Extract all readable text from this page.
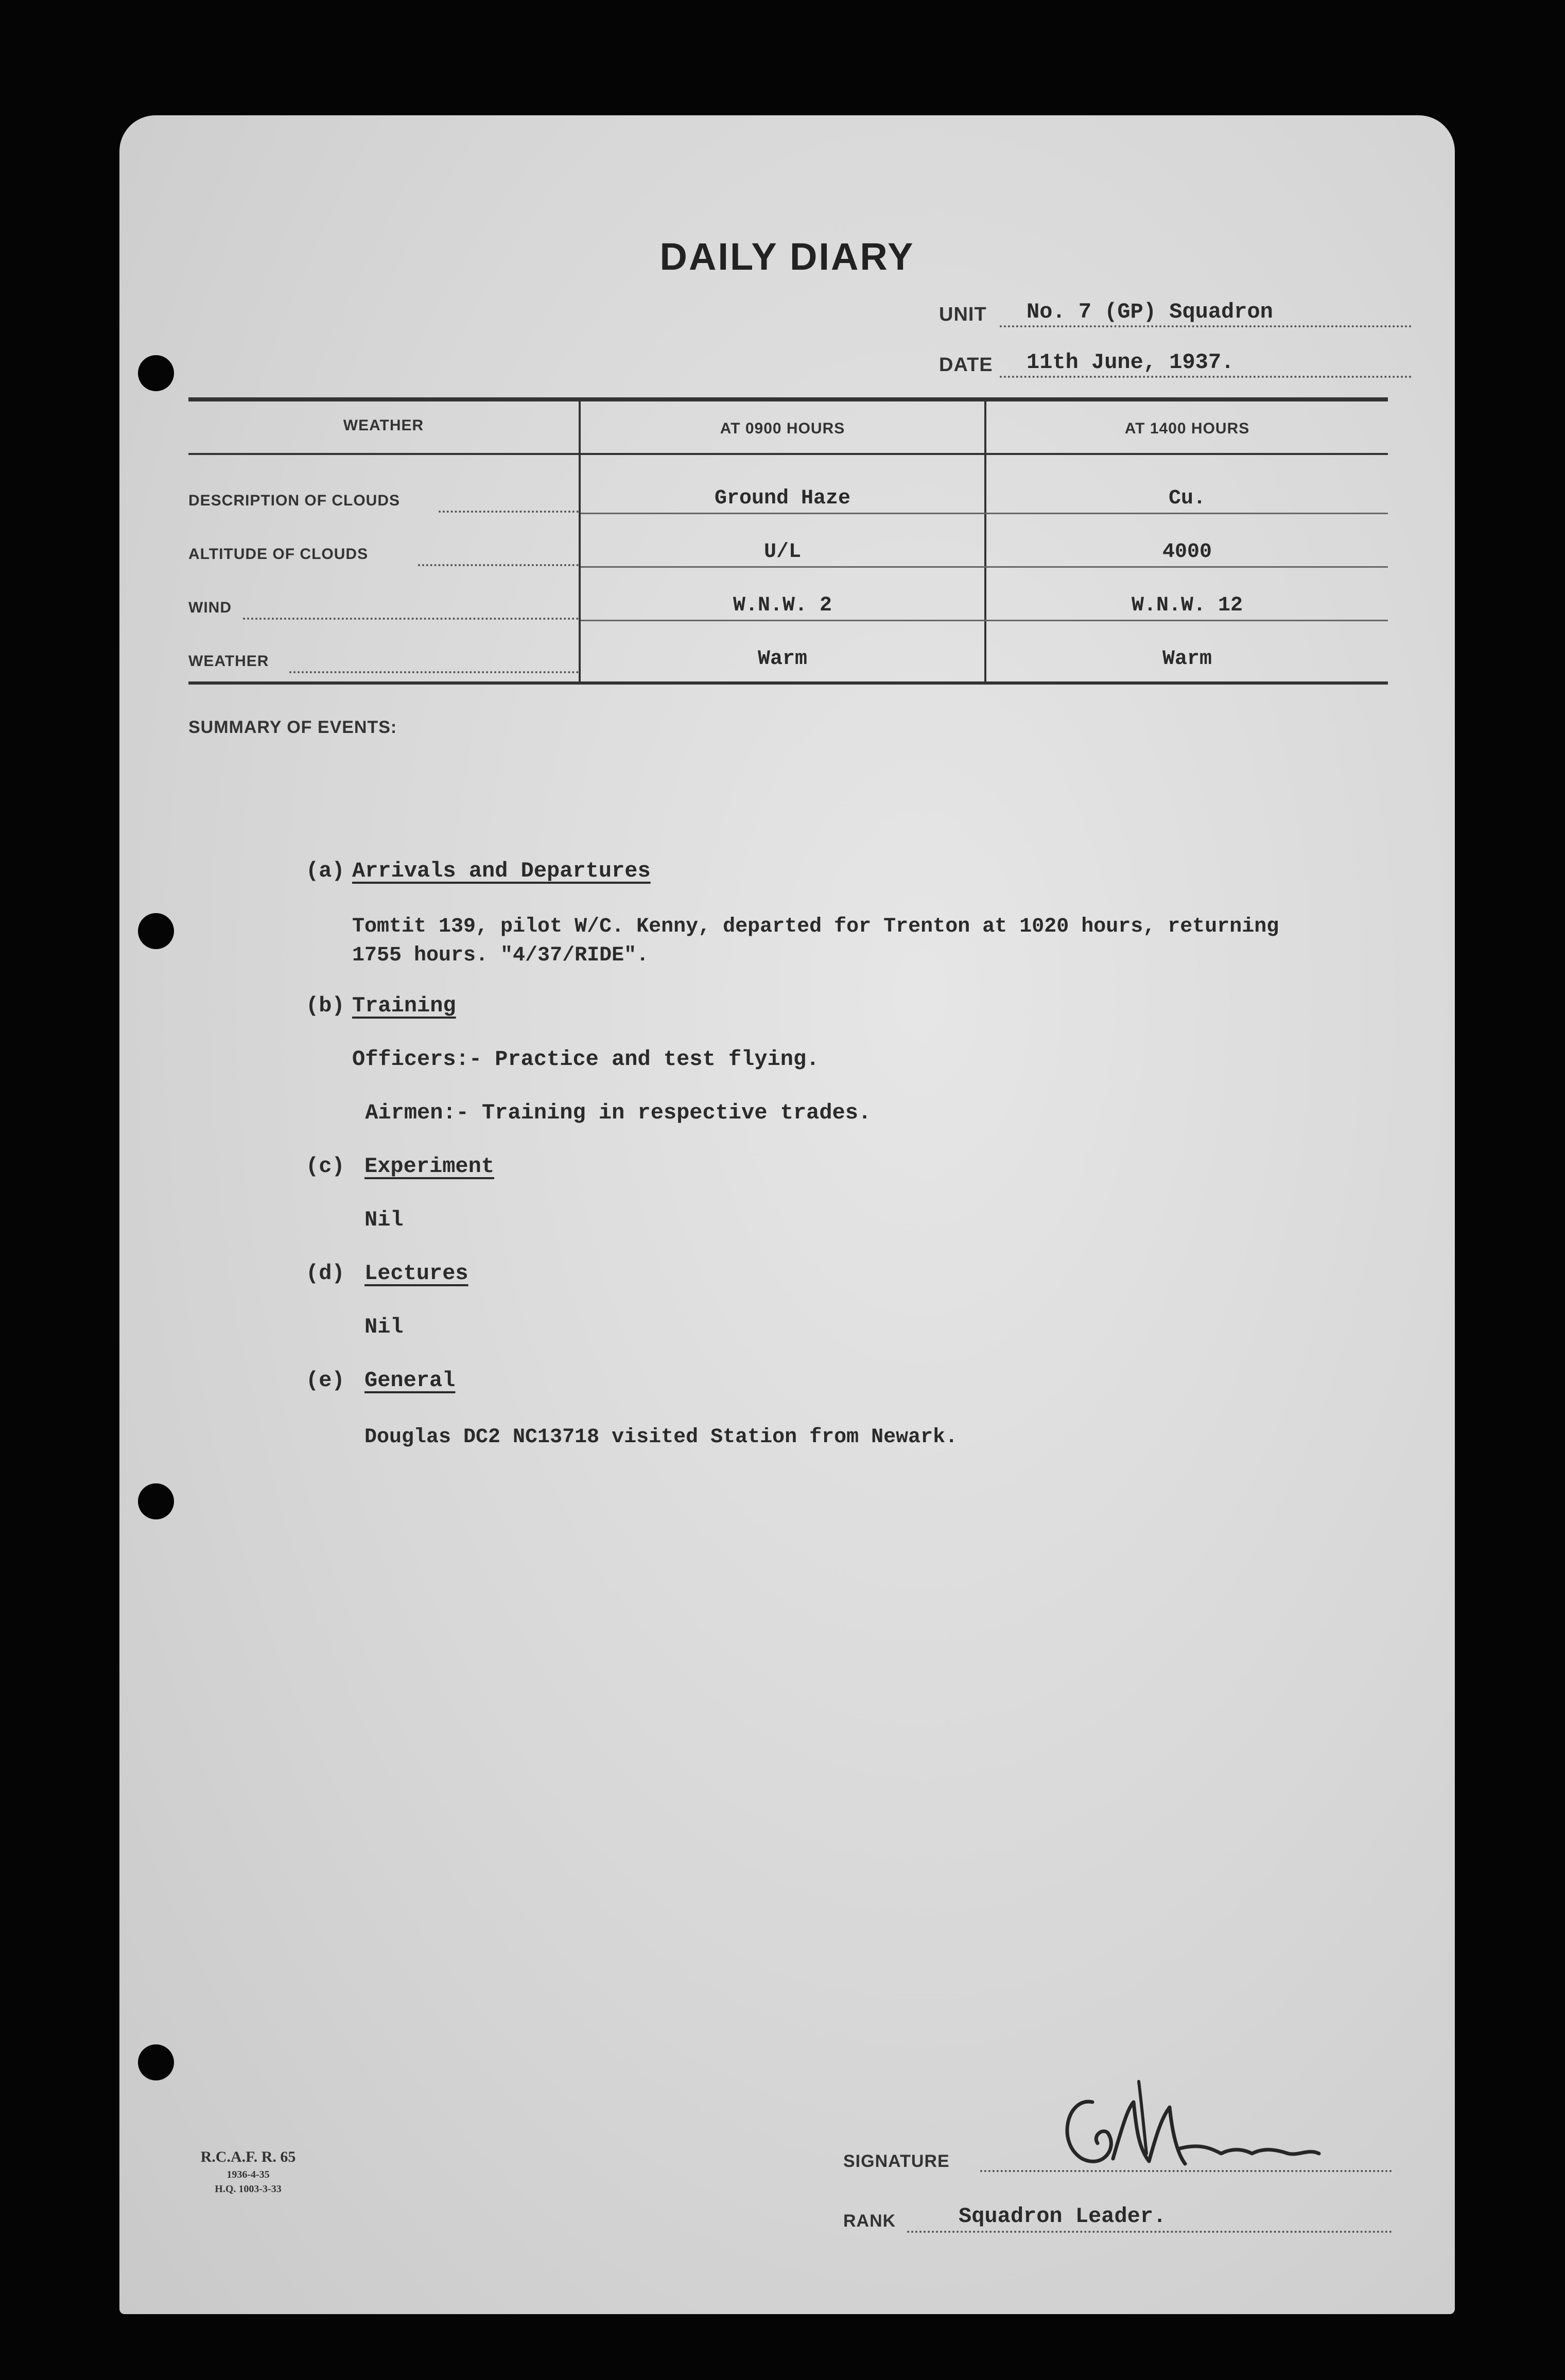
DAILY DIARY
UNIT No. 7 (GP) Squadron
DATE 11th June, 1937.
WEATHER	AT 0900 HOURS	AT 1400 HOURS
DESCRIPTION OF CLOUDS	Ground Haze	Cu.
ALTITUDE OF CLOUDS	U/L	4000
WIND	W.N.W. 2	W.N.W. 12
WEATHER	Warm	Warm
SUMMARY OF EVENTS:
(a) Arrivals and Departures
Tomtit 139, pilot W/C. Kenny, departed for Trenton at 1020 hours, returning
1755 hours. "4/37/RIDE".
(b) Training
Officers:- Practice and test flying.
Airmen:- Training in respective trades.
(c) Experiment
Nil
(d) Lectures
Nil
(e) General
Douglas DC2 NC13718 visited Station from Newark.
SIGNATURE
RANK	Squadron Leader.
R.C.A.F. R. 65
1936-4-35
H.Q. 1003-3-33
